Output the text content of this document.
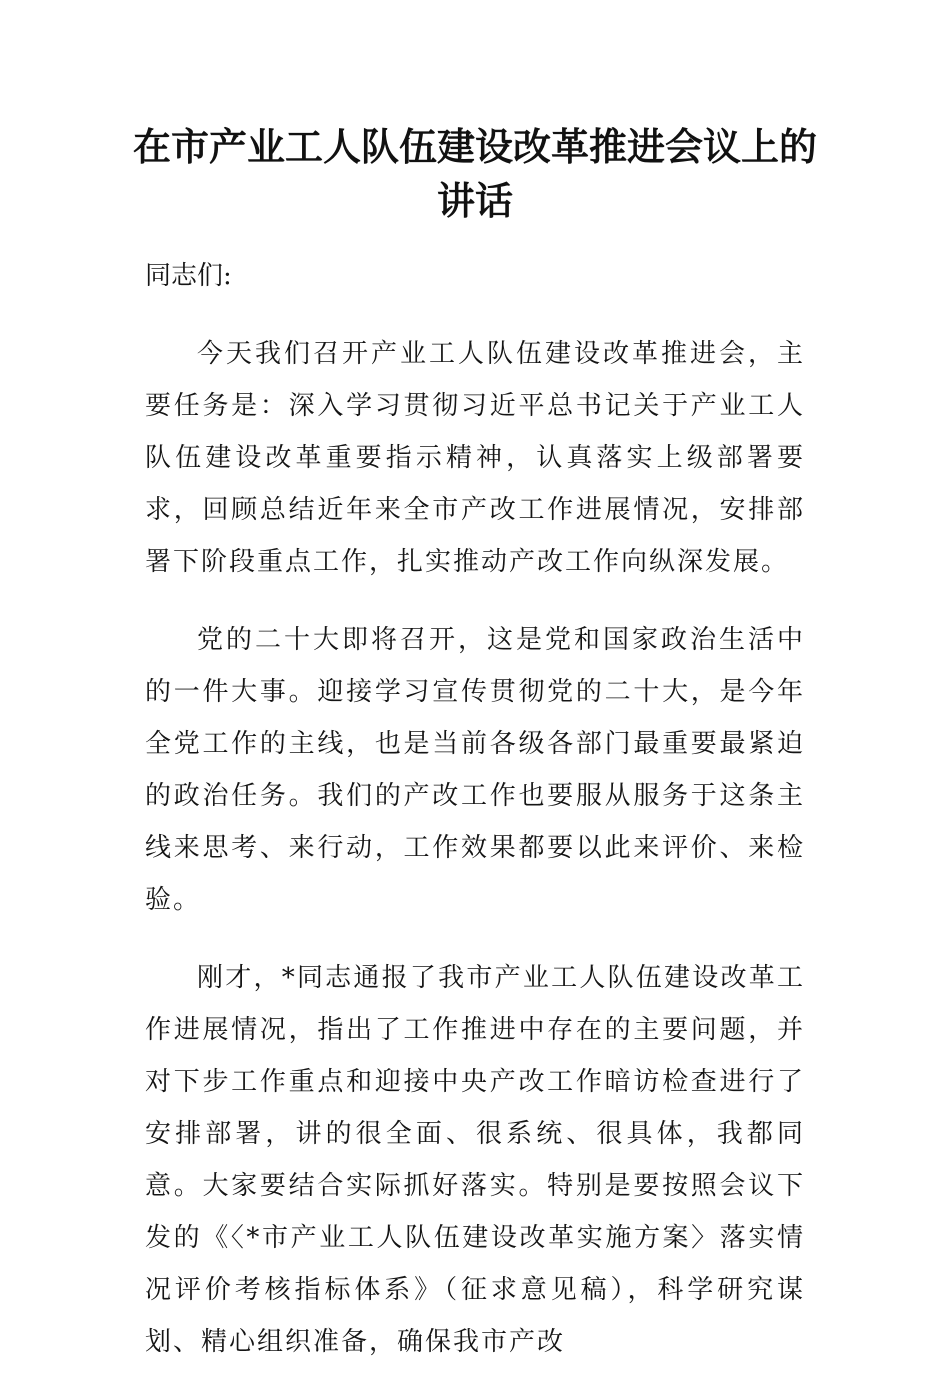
在市产业工人队伍建设改革推进会议上的
讲话

同志们:

今天我们召开产业工人队伍建设改革推进会，主要任务是：深入学习贯彻习近平总书记关于产业工人队伍建设改革重要指示精神，认真落实上级部署要求，回顾总结近年来全市产改工作进展情况，安排部署下阶段重点工作，扎实推动产改工作向纵深发展。

党的二十大即将召开，这是党和国家政治生活中的一件大事。迎接学习宣传贯彻党的二十大，是今年全党工作的主线，也是当前各级各部门最重要最紧迫的政治任务。我们的产改工作也要服从服务于这条主线来思考、来行动，工作效果都要以此来评价、来检验。

刚才，*同志通报了我市产业工人队伍建设改革工作进展情况，指出了工作推进中存在的主要问题，并对下步工作重点和迎接中央产改工作暗访检查进行了安排部署，讲的很全面、很系统、很具体，我都同意。大家要结合实际抓好落实。特别是要按照会议下发的《〈*市产业工人队伍建设改革实施方案〉落实情况评价考核指标体系》（征求意见稿），科学研究谋划、精心组织准备，确保我市产改
